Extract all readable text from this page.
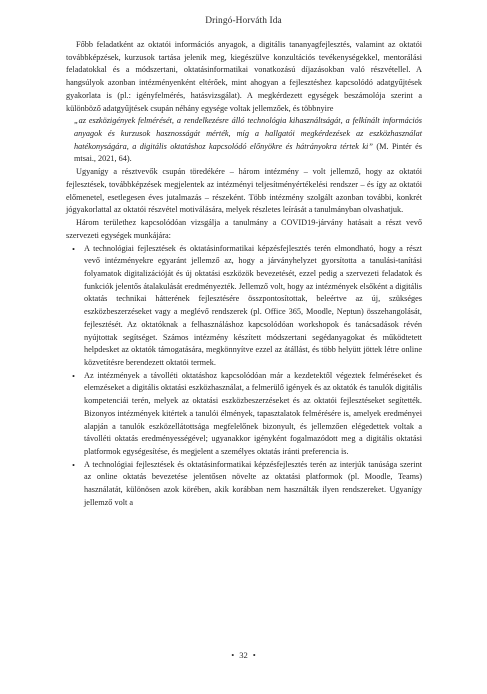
Dringó-Horváth Ida

Főbb feladatként az oktatói információs anyagok, a digitális tananyagfejlesztés, valamint az oktatói továbbképzések, kurzusok tartása jelenik meg, kiegészülve konzultációs tevékenységekkel, mentorálási feladatokkal és a módszertani, oktatásinformatikai vonatkozású díjazásokban való részvétellel. A hangsúlyok azonban intézményenként eltérőek, mint ahogyan a fejlesztéshez kapcsolódó adatgyűjtések gyakorlata is (pl.: igényfelmérés, hatásvizsgálat). A megkérdezett egységek beszámolója szerint a különböző adatgyűjtések csupán néhány egysége voltak jellemzőek, és többnyire

„az eszközigények felmérését, a rendelkezésre álló technológia kihasználtságát, a felkínált információs anyagok és kurzusok hasznosságát mérték, míg a hallgatói megkérdezések az eszközhasználat hatékonyságára, a digitális oktatáshoz kapcsolódó előnyökre és hátrányokra tértek ki” (M. Pintér és mtsai., 2021, 64).

Ugyanígy a résztvevők csupán töredékére – három intézmény – volt jellemző, hogy az oktatói fejlesztések, továbbképzések megjelentek az intézményi teljesítményértékelési rendszer – és így az oktatói előmenetel, esetlegesen éves jutalmazás – részeként. Több intézmény szolgált azonban további, konkrét jógyakorlattal az oktatói részvétel motiválására, melyek részletes leírását a tanulmányban olvashatjuk.

Három területhez kapcsolódóan vizsgálja a tanulmány a COVID19-járvány hatásait a részt vevő szervezeti egységek munkájára:

• A technológiai fejlesztések és oktatásinformatikai képzésfejlesztés terén elmondható, hogy a részt vevő intézményekre egyaránt jellemző az, hogy a járványhelyzet gyorsította a tanulási-tanítási folyamatok digitalizációját és új oktatási eszközök bevezetését, ezzel pedig a szervezeti feladatok és funkciók jelentős átalakulását eredményezték. Jellemző volt, hogy az intézmények elsőként a digitális oktatás technikai hátterének fejlesztésére összpontosítottak, beleértve az új, szükséges eszközbeszerzéseket vagy a meglévő rendszerek (pl. Office 365, Moodle, Neptun) összehangolását, fejlesztését. Az oktatóknak a felhasználáshoz kapcsolódóan workshopok és tanácsadások révén nyújtottak segítséget. Számos intézmény készített módszertani segédanyagokat és működtetett helpdesket az oktatók támogatására, megkönnyítve ezzel az átállást, és több helyütt jöttek létre online közvetítésre berendezett oktatói termek.
• Az intézmények a távolléti oktatáshoz kapcsolódóan már a kezdetektől végeztek felméréseket és elemzéseket a digitális oktatási eszközhasználat, a felmerülő igények és az oktatók és tanulók digitális kompetenciái terén, melyek az oktatási eszközbeszerzéseket és az oktatói fejlesztéseket segítették. Bizonyos intézmények kitértek a tanulói élmények, tapasztalatok felmérésére is, amelyek eredményei alapján a tanulók eszközellátottsága megfelelőnek bizonyult, és jellemzően elégedettek voltak a távolléti oktatás eredményességével; ugyanakkor igényként fogalmazódott meg a digitális oktatási platformok egységesítése, és megjelent a személyes oktatás iránti preferencia is.
• A technológiai fejlesztések és oktatásinformatikai képzésfejlesztés terén az interjúk tanúsága szerint az online oktatás bevezetése jelentősen növelte az oktatási platformok (pl. Moodle, Teams) használatát, különösen azok körében, akik korábban nem használták ilyen rendszereket. Ugyanígy jellemző volt a
• 32 •
